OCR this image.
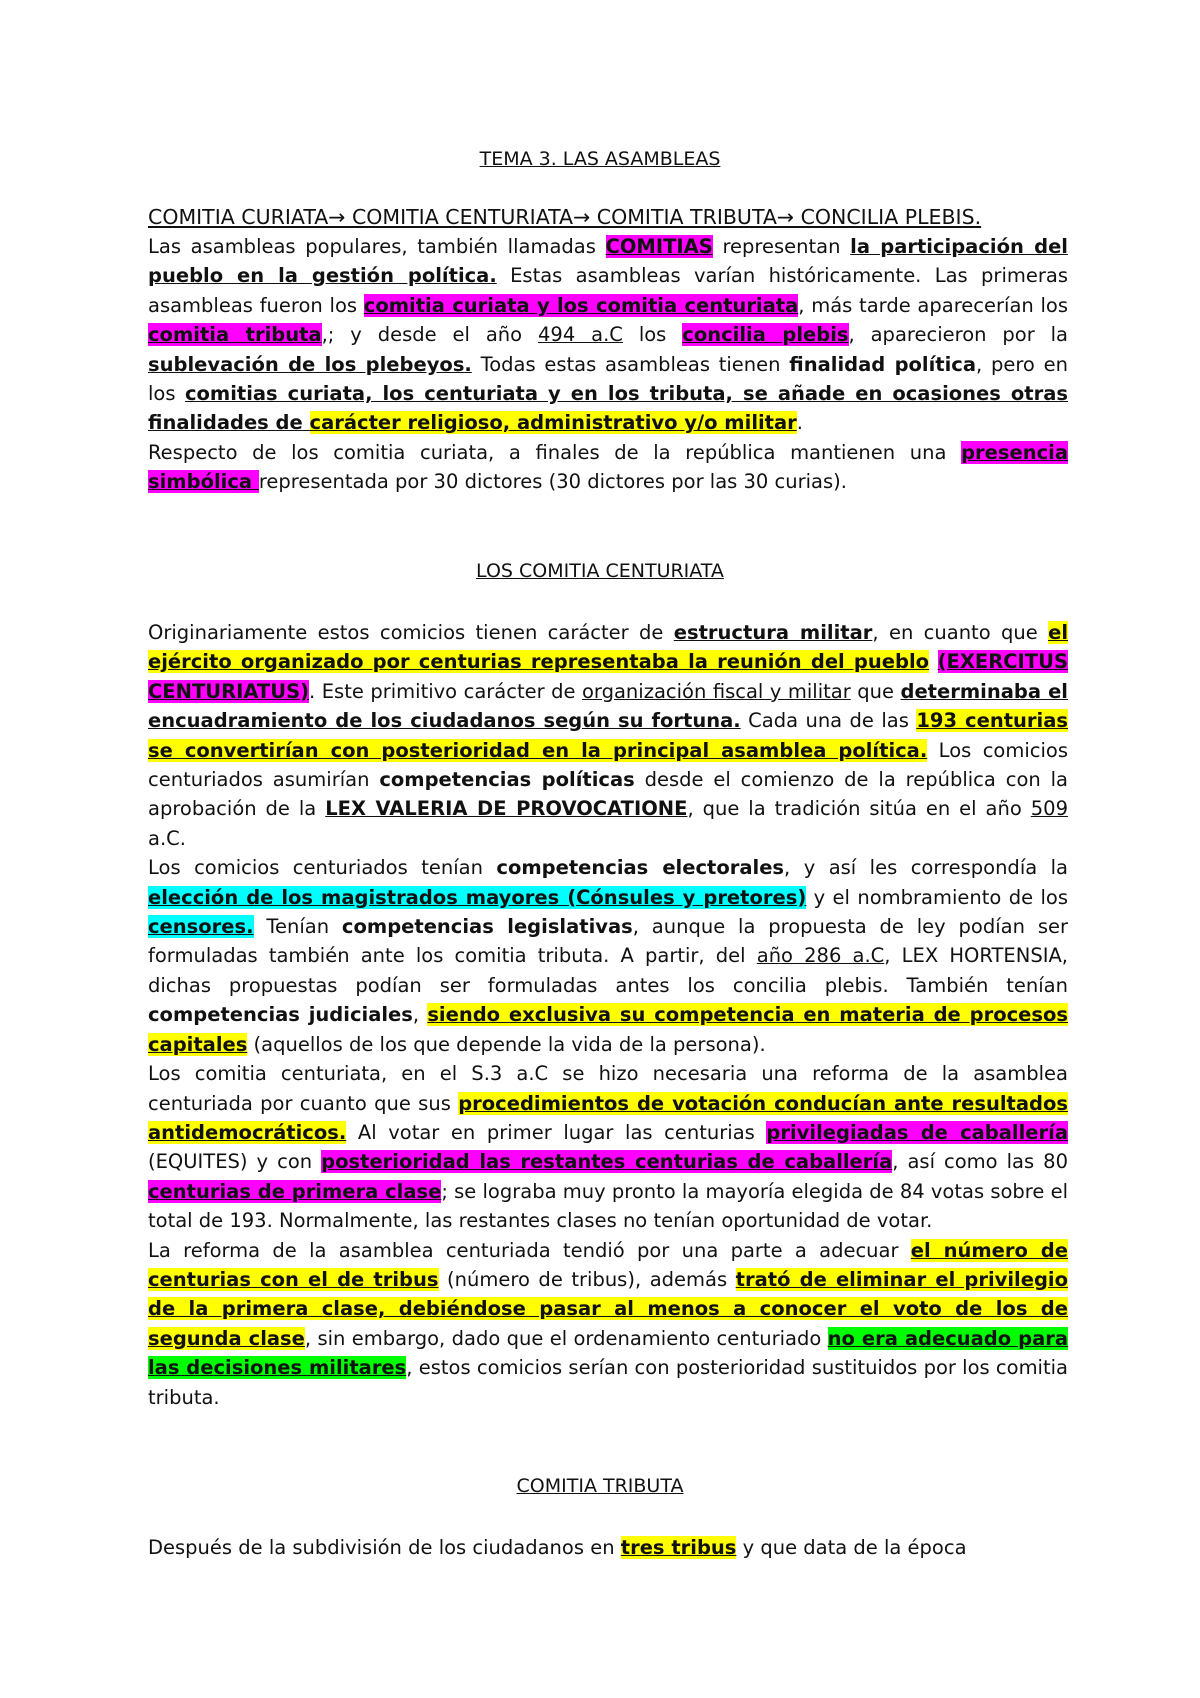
TEMA 3. LAS ASAMBLEAS

COMITIA CURIATA→ COMITIA CENTURIATA→ COMITIA TRIBUTA→ CONCILIA PLEBIS.

Las asambleas populares, también llamadas COMITIAS representan la participación del pueblo en la gestión política. Estas asambleas varían históricamente. Las primeras asambleas fueron los comitia curiata y los comitia centuriata, más tarde aparecerían los comitia tributa,; y desde el año 494 a.C los concilia plebis, aparecieron por la sublevación de los plebeyos. Todas estas asambleas tienen finalidad política, pero en los comitias curiata, los centuriata y en los tributa, se añade en ocasiones otras finalidades de carácter religioso, administrativo y/o militar.

Respecto de los comitia curiata, a finales de la república mantienen una presencia simbólica representada por 30 dictores (30 dictores por las 30 curias).

LOS COMITIA CENTURIATA

Originariamente estos comicios tienen carácter de estructura militar, en cuanto que el ejército organizado por centurias representaba la reunión del pueblo (EXERCITUS CENTURIATUS). Este primitivo carácter de organización fiscal y militar que determinaba el encuadramiento de los ciudadanos según su fortuna. Cada una de las 193 centurias se convertirían con posterioridad en la principal asamblea política. Los comicios centuriados asumirían competencias políticas desde el comienzo de la república con la aprobación de la LEX VALERIA DE PROVOCATIONE, que la tradición sitúa en el año 509 a.C.

Los comicios centuriados tenían competencias electorales, y así les correspondía la elección de los magistrados mayores (Cónsules y pretores) y el nombramiento de los censores. Tenían competencias legislativas, aunque la propuesta de ley podían ser formuladas también ante los comitia tributa. A partir, del año 286 a.C, LEX HORTENSIA, dichas propuestas podían ser formuladas antes los concilia plebis. También tenían competencias judiciales, siendo exclusiva su competencia en materia de procesos capitales (aquellos de los que depende la vida de la persona).

Los comitia centuriata, en el S.3 a.C se hizo necesaria una reforma de la asamblea centuriada por cuanto que sus procedimientos de votación conducían ante resultados antidemocráticos. Al votar en primer lugar las centurias privilegiadas de caballería (EQUITES) y con posterioridad las restantes centurias de caballería, así como las 80 centurias de primera clase; se lograba muy pronto la mayoría elegida de 84 votas sobre el total de 193. Normalmente, las restantes clases no tenían oportunidad de votar.

La reforma de la asamblea centuriada tendió por una parte a adecuar el número de centurias con el de tribus (número de tribus), además trató de eliminar el privilegio de la primera clase, debiéndose pasar al menos a conocer el voto de los de segunda clase, sin embargo, dado que el ordenamiento centuriado no era adecuado para las decisiones militares, estos comicios serían con posterioridad sustituidos por los comitia tributa.

COMITIA TRIBUTA

Después de la subdivisión de los ciudadanos en tres tribus y que data de la época
